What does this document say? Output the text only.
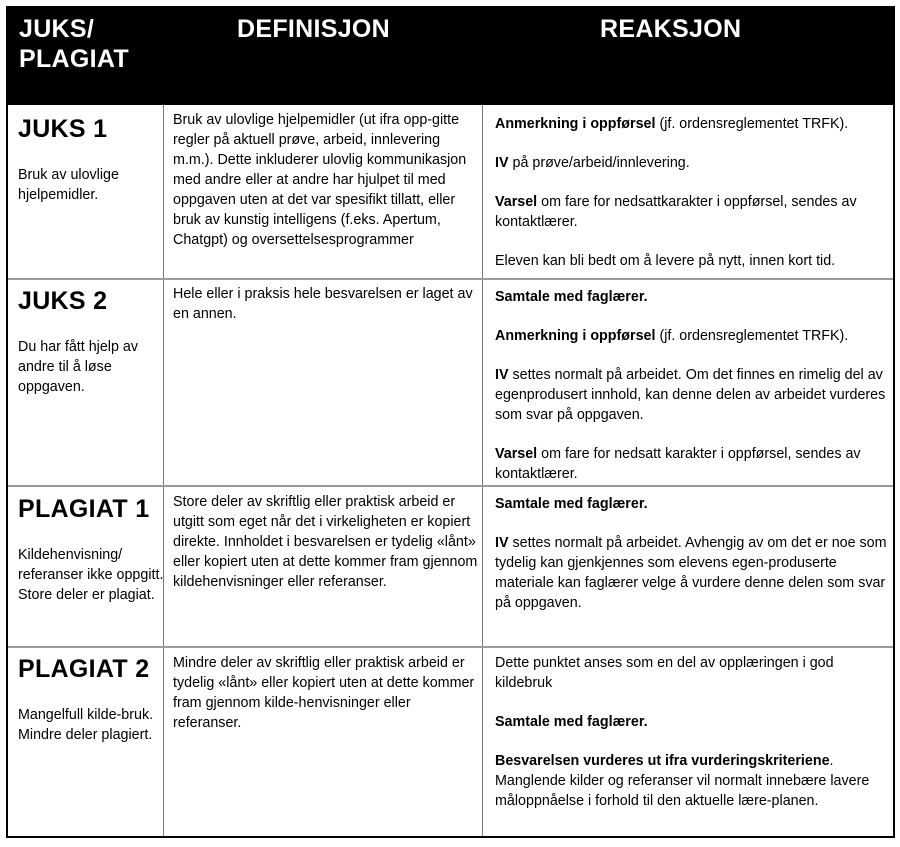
JUKS/ PLAGIAT
DEFINISJON	REAKSJON
JUKS 1
Bruk av ulovlige hjelpemidler.
Bruk av ulovlige hjelpemidler (ut ifra opp-gitte regler på aktuell prøve, arbeid, innlevering m.m.). Dette inkluderer ulovlig kommunikasjon med andre eller at andre har hjulpet til med oppgaven uten at det var spesifikt tillatt, eller bruk av kunstig intelligens (f.eks. Apertum, Chatgpt) og oversettelsesprogrammer
Anmerkning i oppførsel (jf. ordensreglementet TRFK).
IV på prøve/arbeid/innlevering.
Varsel om fare for nedsattkarakter i oppførsel, sendes av kontaktlærer.
Eleven kan bli bedt om å levere på nytt, innen kort tid.
JUKS 2
Du har fått hjelp av andre til å løse oppgaven.
Hele eller i praksis hele besvarelsen er laget av en annen.
Samtale med faglærer.
Anmerkning i oppførsel (jf. ordensreglementet TRFK).
IV settes normalt på arbeidet. Om det finnes en rimelig del av egenprodusert innhold, kan denne delen av arbeidet vurderes som svar på oppgaven.
Varsel om fare for nedsatt karakter i oppførsel, sendes av kontaktlærer.
PLAGIAT 1
Kildehenvisning/ referanser ikke oppgitt. Store deler er plagiat.
Store deler av skriftlig eller praktisk arbeid er utgitt som eget når det i virkeligheten er kopiert direkte. Innholdet i besvarelsen er tydelig «lånt» eller kopiert uten at dette kommer fram gjennom kildehenvisninger eller referanser.
Samtale med faglærer.
IV settes normalt på arbeidet. Avhengig av om det er noe som tydelig kan gjenkjennes som elevens egen-produserte materiale kan faglærer velge å vurdere denne delen som svar på oppgaven.
PLAGIAT 2
Mangelfull kilde-bruk. Mindre deler plagiert.
Mindre deler av skriftlig eller praktisk arbeid er tydelig «lånt» eller kopiert uten at dette kommer fram gjennom kilde-henvisninger eller referanser.
Dette punktet anses som en del av opplæringen i god kildebruk
Samtale med faglærer.
Besvarelsen vurderes ut ifra vurderingskriteriene. Manglende kilder og referanser vil normalt innebære lavere måloppnåelse i forhold til den aktuelle lære-planen.
